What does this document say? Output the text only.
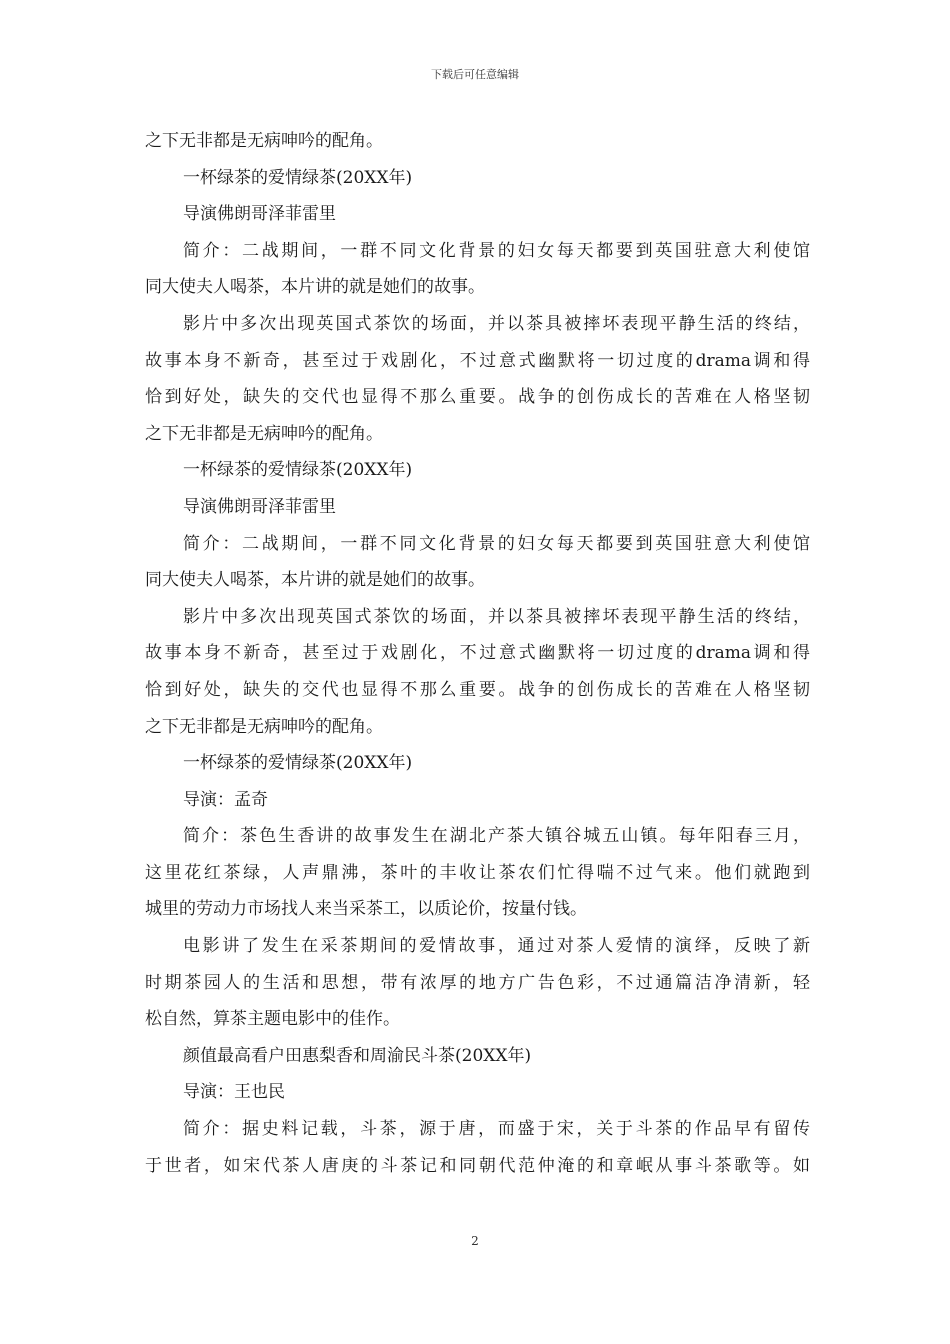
下载后可任意编辑
之下无非都是无病呻吟的配角。
一杯绿茶的爱情绿茶(20XX年)
导演佛朗哥泽菲雷里
简介：二战期间，一群不同文化背景的妇女每天都要到英国驻意大利使馆
同大使夫人喝茶，本片讲的就是她们的故事。
影片中多次出现英国式茶饮的场面，并以茶具被摔坏表现平静生活的终结，
故事本身不新奇，甚至过于戏剧化，不过意式幽默将一切过度的drama调和得
恰到好处，缺失的交代也显得不那么重要。战争的创伤成长的苦难在人格坚韧
之下无非都是无病呻吟的配角。
一杯绿茶的爱情绿茶(20XX年)
导演佛朗哥泽菲雷里
简介：二战期间，一群不同文化背景的妇女每天都要到英国驻意大利使馆
同大使夫人喝茶，本片讲的就是她们的故事。
影片中多次出现英国式茶饮的场面，并以茶具被摔坏表现平静生活的终结，
故事本身不新奇，甚至过于戏剧化，不过意式幽默将一切过度的drama调和得
恰到好处，缺失的交代也显得不那么重要。战争的创伤成长的苦难在人格坚韧
之下无非都是无病呻吟的配角。
一杯绿茶的爱情绿茶(20XX年)
导演：孟奇
简介：茶色生香讲的故事发生在湖北产茶大镇谷城五山镇。每年阳春三月，
这里花红茶绿，人声鼎沸，茶叶的丰收让茶农们忙得喘不过气来。他们就跑到
城里的劳动力市场找人来当采茶工，以质论价，按量付钱。
电影讲了发生在采茶期间的爱情故事，通过对茶人爱情的演绎，反映了新
时期茶园人的生活和思想，带有浓厚的地方广告色彩，不过通篇洁净清新，轻
松自然，算茶主题电影中的佳作。
颜值最高看户田惠梨香和周渝民斗茶(20XX年)
导演：王也民
简介：据史料记载，斗茶，源于唐，而盛于宋，关于斗茶的作品早有留传
于世者，如宋代茶人唐庚的斗茶记和同朝代范仲淹的和章岷从事斗茶歌等。如
2
